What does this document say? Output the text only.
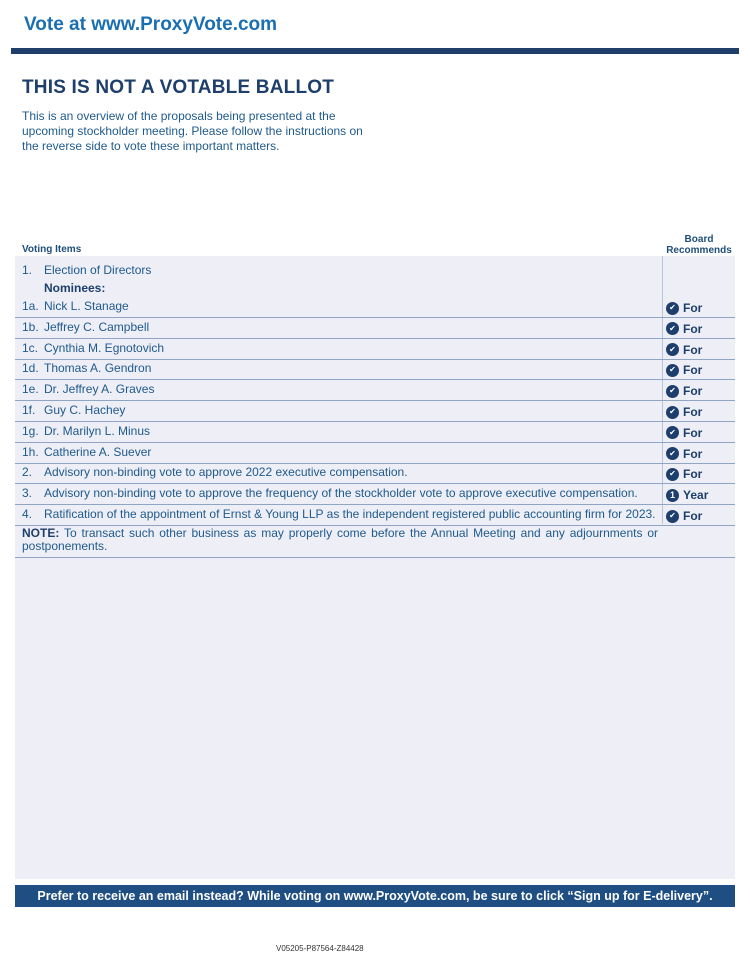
Vote at www.ProxyVote.com
THIS IS NOT A VOTABLE BALLOT
This is an overview of the proposals being presented at the upcoming stockholder meeting. Please follow the instructions on the reverse side to vote these important matters.
Voting Items
Board
Recommends
1. Election of Directors
Nominees:
1a. Nick L. Stanage	✔ For
1b. Jeffrey C. Campbell	✔ For
1c. Cynthia M. Egnotovich	✔ For
1d. Thomas A. Gendron	✔ For
1e. Dr. Jeffrey A. Graves	✔ For
1f. Guy C. Hachey	✔ For
1g. Dr. Marilyn L. Minus	✔ For
1h. Catherine A. Suever	✔ For
2. Advisory non-binding vote to approve 2022 executive compensation.	✔ For
3. Advisory non-binding vote to approve the frequency of the stockholder vote to approve executive compensation.	1 Year
4. Ratification of the appointment of Ernst & Young LLP as the independent registered public accounting firm for 2023.	✔ For
NOTE: To transact such other business as may properly come before the Annual Meeting and any adjournments or postponements.
Prefer to receive an email instead? While voting on www.ProxyVote.com, be sure to click “Sign up for E-delivery”.
V05205-P87564-Z84428
